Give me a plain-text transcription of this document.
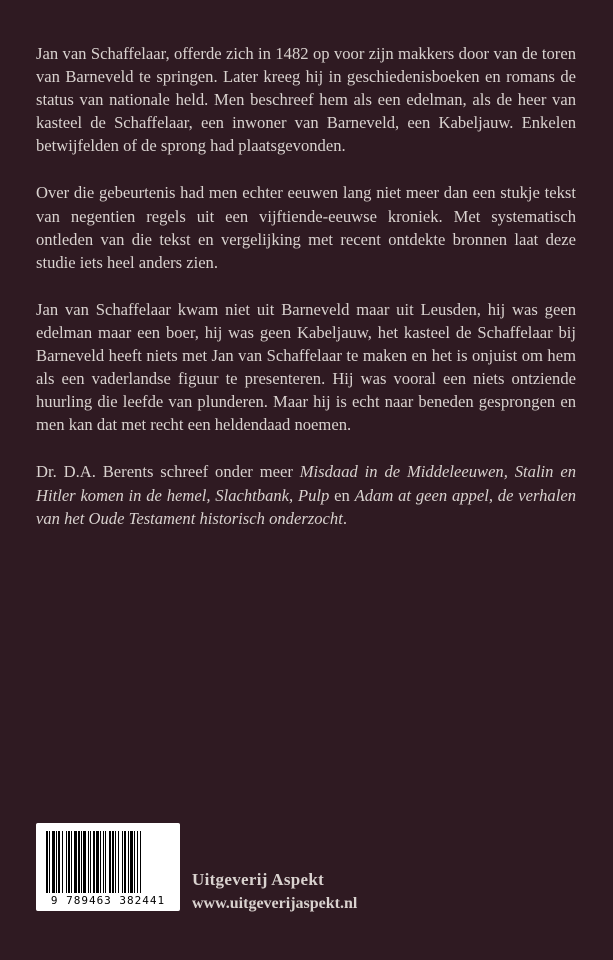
Jan van Schaffelaar, offerde zich in 1482 op voor zijn makkers door van de toren van Barneveld te springen. Later kreeg hij in geschiedenisboeken en romans de status van nationale held. Men beschreef hem als een edelman, als de heer van kasteel de Schaffelaar, een inwoner van Barneveld, een Kabeljauw. Enkelen betwijfelden of de sprong had plaatsgevonden.

Over die gebeurtenis had men echter eeuwen lang niet meer dan een stukje tekst van negentien regels uit een vijftiende-eeuwse kroniek. Met systematisch ontleden van die tekst en vergelijking met recent ontdekte bronnen laat deze studie iets heel anders zien.

Jan van Schaffelaar kwam niet uit Barneveld maar uit Leusden, hij was geen edelman maar een boer, hij was geen Kabeljauw, het kasteel de Schaffelaar bij Barneveld heeft niets met Jan van Schaffelaar te maken en het is onjuist om hem als een vaderlandse figuur te presenteren. Hij was vooral een niets ontziende huurling die leefde van plunderen. Maar hij is echt naar beneden gesprongen en men kan dat met recht een heldendaad noemen.

Dr. D.A. Berents schreef onder meer Misdaad in de Middeleeuwen, Stalin en Hitler komen in de hemel, Slachtbank, Pulp en Adam at geen appel, de verhalen van het Oude Testament historisch onderzocht.

9 789463 382441
Uitgeverij Aspekt
www.uitgeverijaspekt.nl
